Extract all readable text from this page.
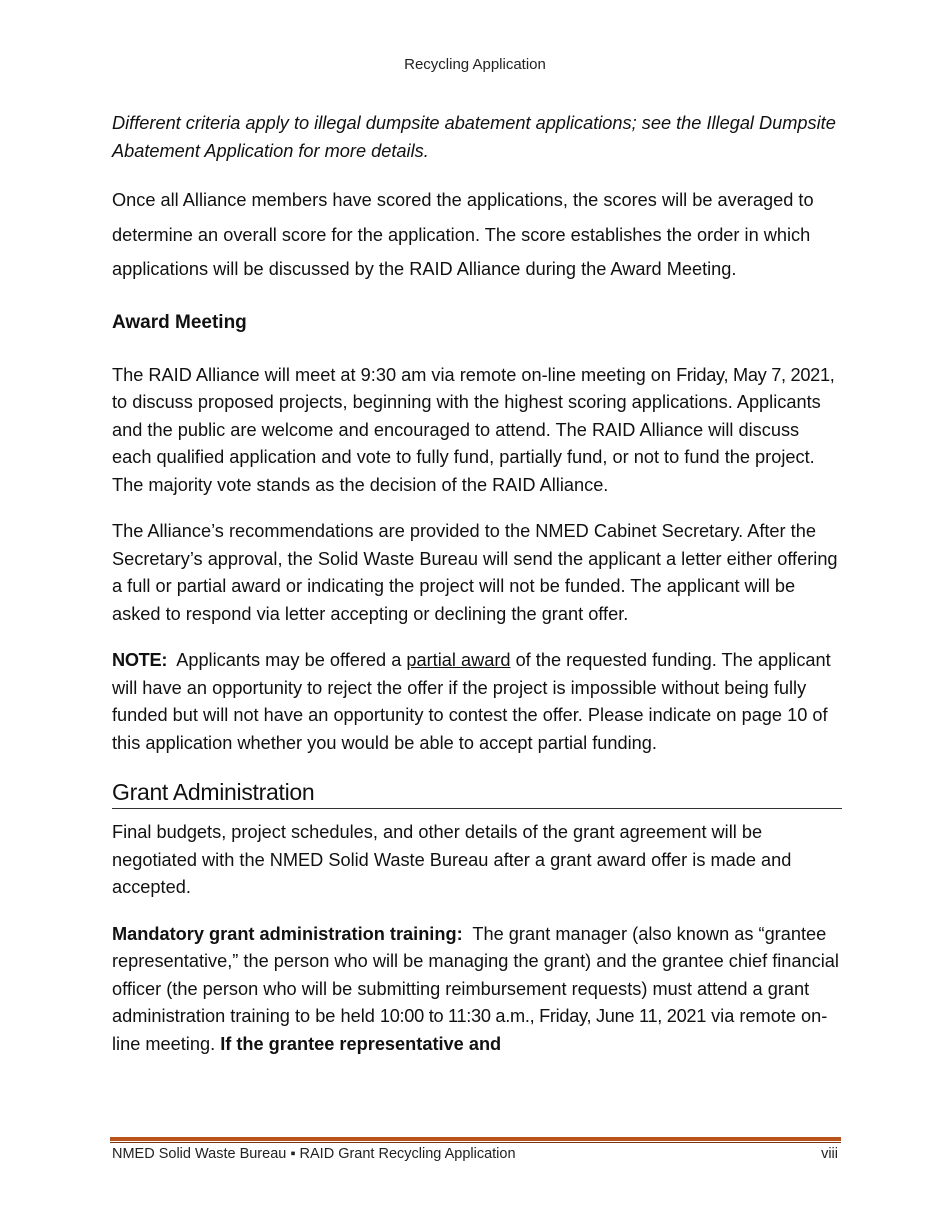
Recycling Application

Different criteria apply to illegal dumpsite abatement applications; see the Illegal Dumpsite Abatement Application for more details.

Once all Alliance members have scored the applications, the scores will be averaged to determine an overall score for the application. The score establishes the order in which applications will be discussed by the RAID Alliance during the Award Meeting.

Award Meeting

The RAID Alliance will meet at 9:30 am via remote on-line meeting on Friday, May 7, 2021, to discuss proposed projects, beginning with the highest scoring applications. Applicants and the public are welcome and encouraged to attend. The RAID Alliance will discuss each qualified application and vote to fully fund, partially fund, or not to fund the project. The majority vote stands as the decision of the RAID Alliance.

The Alliance’s recommendations are provided to the NMED Cabinet Secretary. After the Secretary’s approval, the Solid Waste Bureau will send the applicant a letter either offering a full or partial award or indicating the project will not be funded. The applicant will be asked to respond via letter accepting or declining the grant offer.

NOTE:  Applicants may be offered a partial award of the requested funding. The applicant will have an opportunity to reject the offer if the project is impossible without being fully funded but will not have an opportunity to contest the offer. Please indicate on page 10 of this application whether you would be able to accept partial funding.

Grant Administration

Final budgets, project schedules, and other details of the grant agreement will be negotiated with the NMED Solid Waste Bureau after a grant award offer is made and accepted.

Mandatory grant administration training:  The grant manager (also known as “grantee representative,” the person who will be managing the grant) and the grantee chief financial officer (the person who will be submitting reimbursement requests) must attend a grant administration training to be held 10:00 to 11:30 a.m., Friday, June 11, 2021 via remote on-line meeting. If the grantee representative and

NMED Solid Waste Bureau ▪ RAID Grant Recycling Application	viii
